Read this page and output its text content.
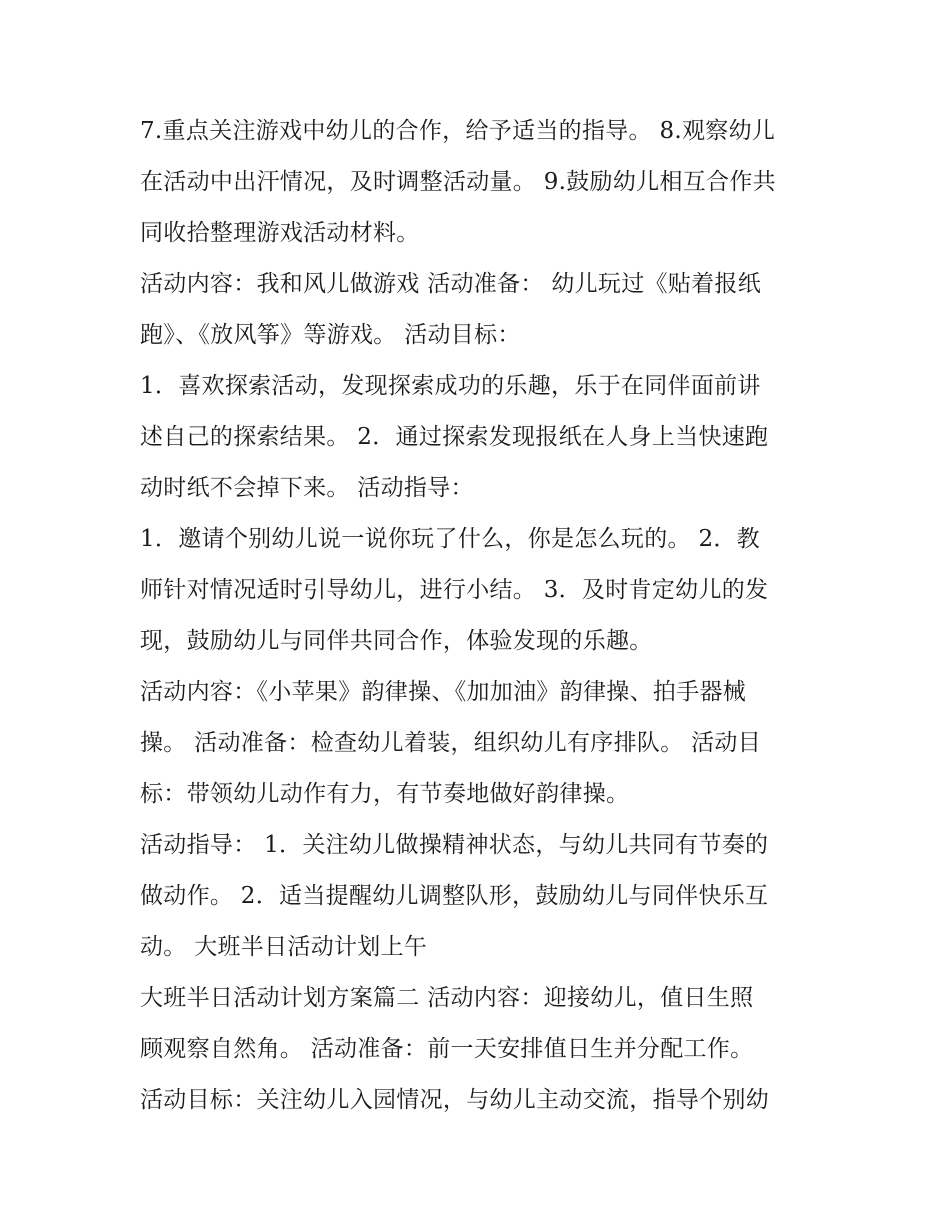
7.重点关注游戏中幼儿的合作，给予适当的指导。 8.观察幼儿
在活动中出汗情况，及时调整活动量。 9.鼓励幼儿相互合作共
同收拾整理游戏活动材料。
活动内容：我和风儿做游戏 活动准备： 幼儿玩过《贴着报纸
跑》、《放风筝》等游戏。 活动目标：
1．喜欢探索活动，发现探索成功的乐趣，乐于在同伴面前讲
述自己的探索结果。 2．通过探索发现报纸在人身上当快速跑
动时纸不会掉下来。 活动指导：
1．邀请个别幼儿说一说你玩了什么，你是怎么玩的。 2．教
师针对情况适时引导幼儿，进行小结。 3．及时肯定幼儿的发
现，鼓励幼儿与同伴共同合作，体验发现的乐趣。
活动内容：《小苹果》韵律操、《加加油》韵律操、拍手器械
操。 活动准备：检查幼儿着装，组织幼儿有序排队。 活动目
标：带领幼儿动作有力，有节奏地做好韵律操。
活动指导： 1．关注幼儿做操精神状态，与幼儿共同有节奏的
做动作。 2．适当提醒幼儿调整队形，鼓励幼儿与同伴快乐互
动。 大班半日活动计划上午
大班半日活动计划方案篇二 活动内容：迎接幼儿，值日生照
顾观察自然角。 活动准备：前一天安排值日生并分配工作。
活动目标：关注幼儿入园情况，与幼儿主动交流，指导个别幼
